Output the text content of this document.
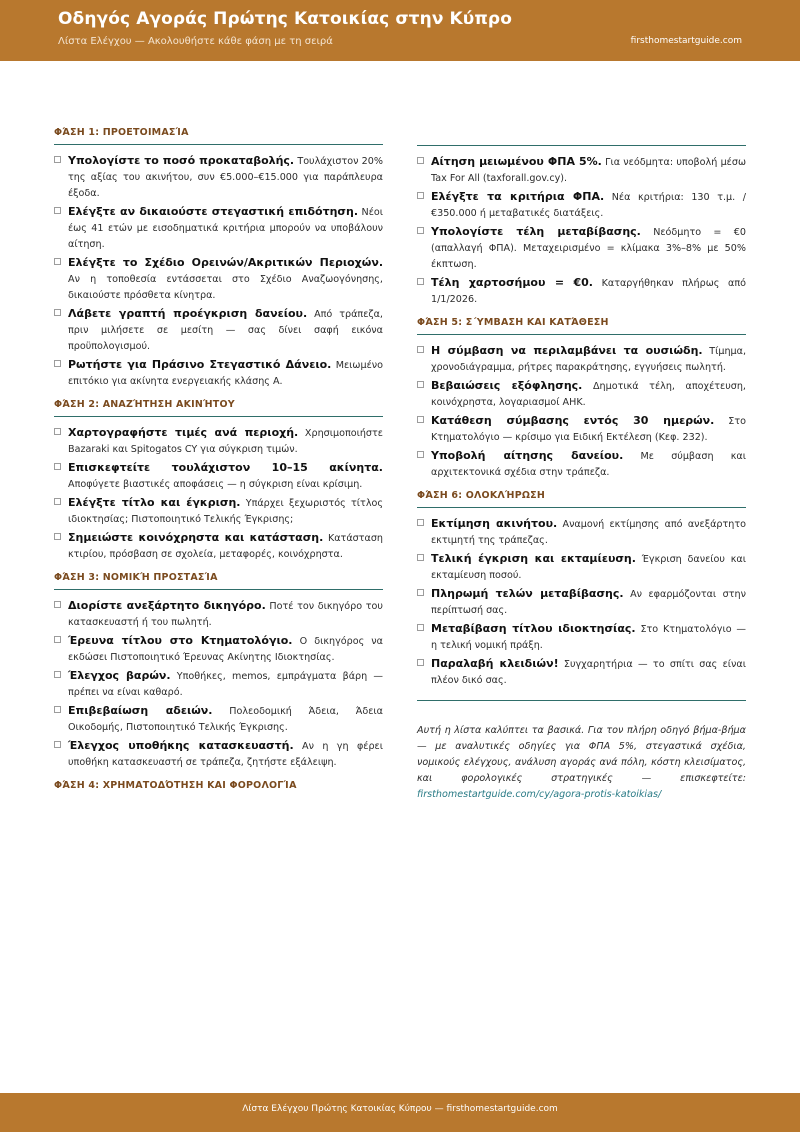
Οδηγός Αγοράς Πρώτης Κατοικίας στην Κύπρο
Λίστα Ελέγχου — Ακολουθήστε κάθε φάση με τη σειρά	firsthomestartguide.com
ΦΆΣΗ 1: ΠΡΟΕΤΟΙΜΑΣΊΑ
Υπολογίστε το ποσό προκαταβολής. Τουλάχιστον 20% της αξίας του ακινήτου, συν €5.000–€15.000 για παράπλευρα έξοδα.
Ελέγξτε αν δικαιούστε στεγαστική επιδότηση. Νέοι έως 41 ετών με εισοδηματικά κριτήρια μπορούν να υποβάλουν αίτηση.
Ελέγξτε το Σχέδιο Ορεινών/Ακριτικών Περιοχών. Αν η τοποθεσία εντάσσεται στο Σχέδιο Αναζωογόνησης, δικαιούστε πρόσθετα κίνητρα.
Λάβετε γραπτή προέγκριση δανείου. Από τράπεζα, πριν μιλήσετε σε μεσίτη — σας δίνει σαφή εικόνα προϋπολογισμού.
Ρωτήστε για Πράσινο Στεγαστικό Δάνειο. Μειωμένο επιτόκιο για ακίνητα ενεργειακής κλάσης Α.
ΦΆΣΗ 2: ΑΝΑΖΉΤΗΣΗ ΑΚΙΝΉΤΟΥ
Χαρτογραφήστε τιμές ανά περιοχή. Χρησιμοποιήστε Bazaraki και Spitogatos CY για σύγκριση τιμών.
Επισκεφτείτε τουλάχιστον 10–15 ακίνητα. Αποφύγετε βιαστικές αποφάσεις — η σύγκριση είναι κρίσιμη.
Ελέγξτε τίτλο και έγκριση. Υπάρχει ξεχωριστός τίτλος ιδιοκτησίας; Πιστοποιητικό Τελικής Έγκρισης;
Σημειώστε κοινόχρηστα και κατάσταση. Κατάσταση κτιρίου, πρόσβαση σε σχολεία, μεταφορές, κοινόχρηστα.
ΦΆΣΗ 3: ΝΟΜΙΚΉ ΠΡΟΣΤΑΣΊΑ
Διορίστε ανεξάρτητο δικηγόρο. Ποτέ τον δικηγόρο του κατασκευαστή ή του πωλητή.
Έρευνα τίτλου στο Κτηματολόγιο. Ο δικηγόρος να εκδώσει Πιστοποιητικό Έρευνας Ακίνητης Ιδιοκτησίας.
Έλεγχος βαρών. Υποθήκες, memos, εμπράγματα βάρη — πρέπει να είναι καθαρό.
Επιβεβαίωση αδειών. Πολεοδομική Άδεια, Άδεια Οικοδομής, Πιστοποιητικό Τελικής Έγκρισης.
Έλεγχος υποθήκης κατασκευαστή. Αν η γη φέρει υποθήκη κατασκευαστή σε τράπεζα, ζητήστε εξάλειψη.
ΦΆΣΗ 4: ΧΡΗΜΑΤΟΔΌΤΗΣΗ ΚΑΙ ΦΟΡΟΛΟΓΊΑ
Αίτηση μειωμένου ΦΠΑ 5%. Για νεόδμητα: υποβολή μέσω Tax For All (taxforall.gov.cy).
Ελέγξτε τα κριτήρια ΦΠΑ. Νέα κριτήρια: 130 τ.μ. / €350.000 ή μεταβατικές διατάξεις.
Υπολογίστε τέλη μεταβίβασης. Νεόδμητο = €0 (απαλλαγή ΦΠΑ). Μεταχειρισμένο = κλίμακα 3%–8% με 50% έκπτωση.
Τέλη χαρτοσήμου = €0. Καταργήθηκαν πλήρως από 1/1/2026.
ΦΆΣΗ 5: Σ΄ΥΜΒΑΣΗ ΚΑΙ ΚΑΤΆΘΕΣΗ
Η σύμβαση να περιλαμβάνει τα ουσιώδη. Τίμημα, χρονοδιάγραμμα, ρήτρες παρακράτησης, εγγυήσεις πωλητή.
Βεβαιώσεις εξόφλησης. Δημοτικά τέλη, αποχέτευση, κοινόχρηστα, λογαριασμοί ΑΗΚ.
Κατάθεση σύμβασης εντός 30 ημερών. Στο Κτηματολόγιο — κρίσιμο για Ειδική Εκτέλεση (Κεφ. 232).
Υποβολή αίτησης δανείου. Με σύμβαση και αρχιτεκτονικά σχέδια στην τράπεζα.
ΦΆΣΗ 6: ΟΛΟΚΛΉΡΩΣΗ
Εκτίμηση ακινήτου. Αναμονή εκτίμησης από ανεξάρτητο εκτιμητή της τράπεζας.
Τελική έγκριση και εκταμίευση. Έγκριση δανείου και εκταμίευση ποσού.
Πληρωμή τελών μεταβίβασης. Αν εφαρμόζονται στην περίπτωσή σας.
Μεταβίβαση τίτλου ιδιοκτησίας. Στο Κτηματολόγιο — η τελική νομική πράξη.
Παραλαβή κλειδιών! Συγχαρητήρια — το σπίτι σας είναι πλέον δικό σας.
Αυτή η λίστα καλύπτει τα βασικά. Για τον πλήρη οδηγό βήμα-βήμα — με αναλυτικές οδηγίες για ΦΠΑ 5%, στεγαστικά σχέδια, νομικούς ελέγχους, ανάλυση αγοράς ανά πόλη, κόστη κλεισίματος, και φορολογικές στρατηγικές — επισκεφτείτε: firsthomestartguide.com/cy/agora-protis-katoikias/
Λίστα Ελέγχου Πρώτης Κατοικίας Κύπρου — firsthomestartguide.com
